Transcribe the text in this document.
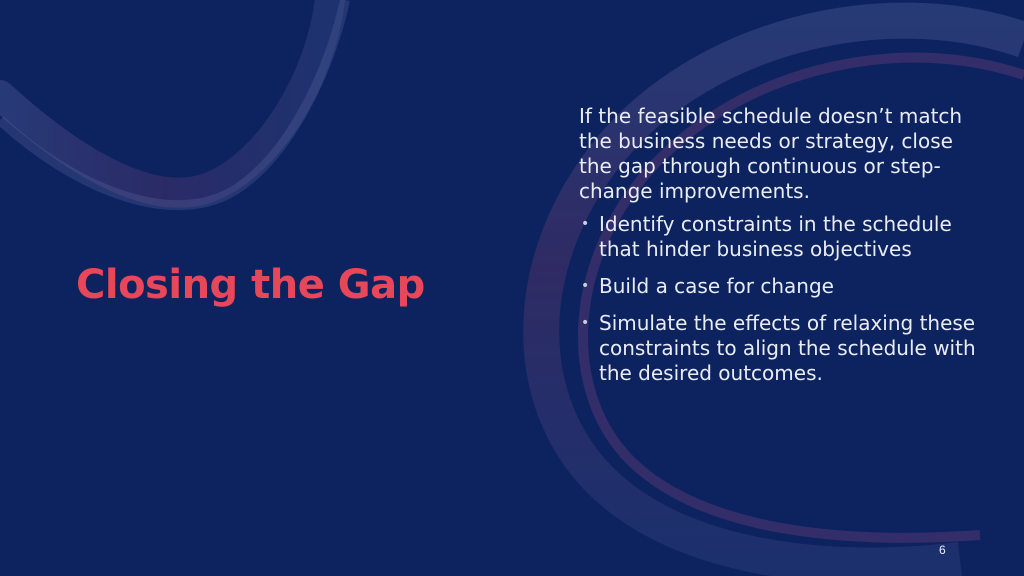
Closing the Gap

If the feasible schedule doesn’t match the business needs or strategy, close the gap through continuous or step-change improvements.

• Identify constraints in the schedule that hinder business objectives
• Build a case for change
• Simulate the effects of relaxing these constraints to align the schedule with the desired outcomes.
6
